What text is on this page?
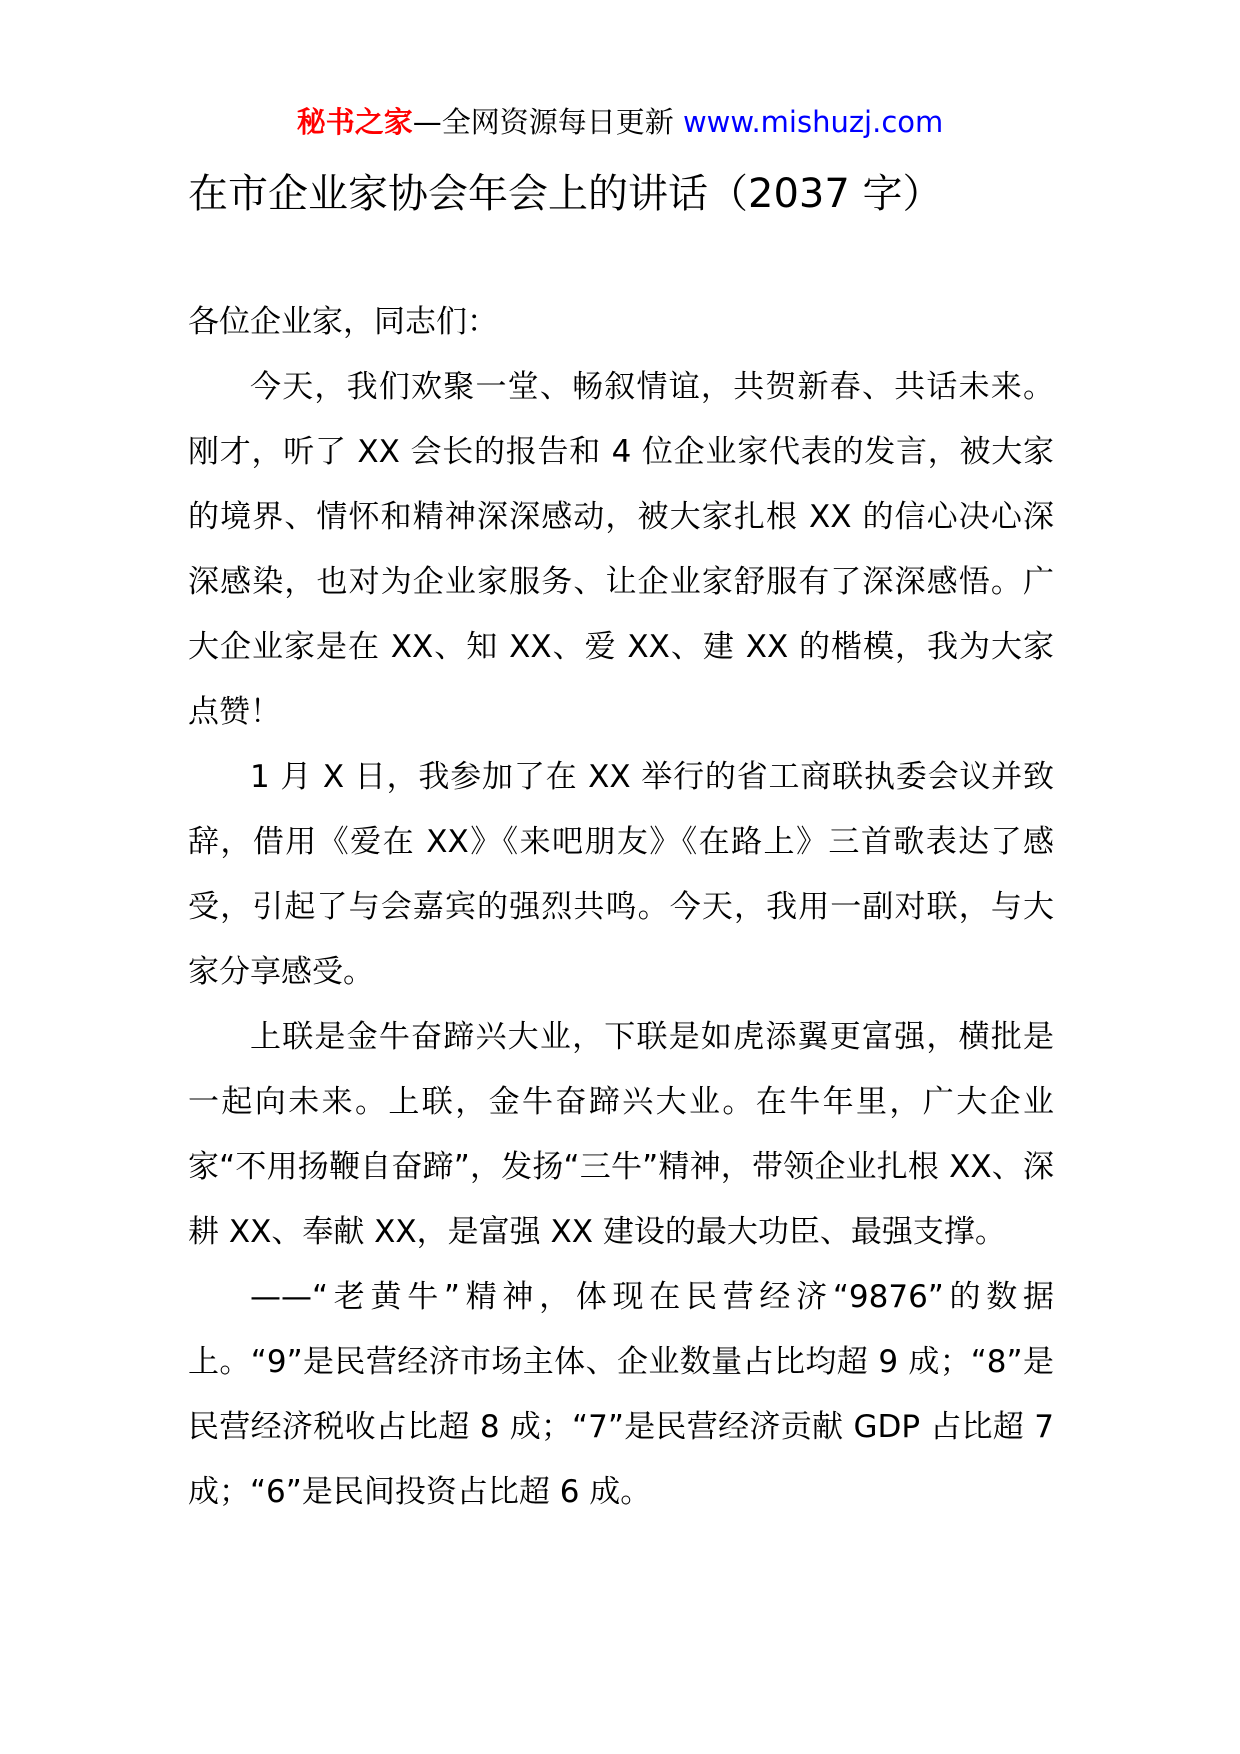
秘书之家—全网资源每日更新 www.mishuzj.com
在市企业家协会年会上的讲话（2037 字）

各位企业家，同志们：

今天，我们欢聚一堂、畅叙情谊，共贺新春、共话未来。刚才，听了 XX 会长的报告和 4 位企业家代表的发言，被大家的境界、情怀和精神深深感动，被大家扎根 XX 的信心决心深深感染，也对为企业家服务、让企业家舒服有了深深感悟。广大企业家是在 XX、知 XX、爱 XX、建 XX 的楷模，我为大家点赞！

1 月 X 日，我参加了在 XX 举行的省工商联执委会议并致辞，借用《爱在 XX》《来吧朋友》《在路上》三首歌表达了感受，引起了与会嘉宾的强烈共鸣。今天，我用一副对联，与大家分享感受。

上联是金牛奋蹄兴大业，下联是如虎添翼更富强，横批是一起向未来。上联，金牛奋蹄兴大业。在牛年里，广大企业家“不用扬鞭自奋蹄”，发扬“三牛”精神，带领企业扎根 XX、深耕 XX、奉献 XX，是富强 XX 建设的最大功臣、最强支撑。

——“老黄牛”精神，体现在民营经济“9876”的数据上。“9”是民营经济市场主体、企业数量占比均超 9 成；“8”是民营经济税收占比超 8 成；“7”是民营经济贡献 GDP 占比超 7 成；“6”是民间投资占比超 6 成。
